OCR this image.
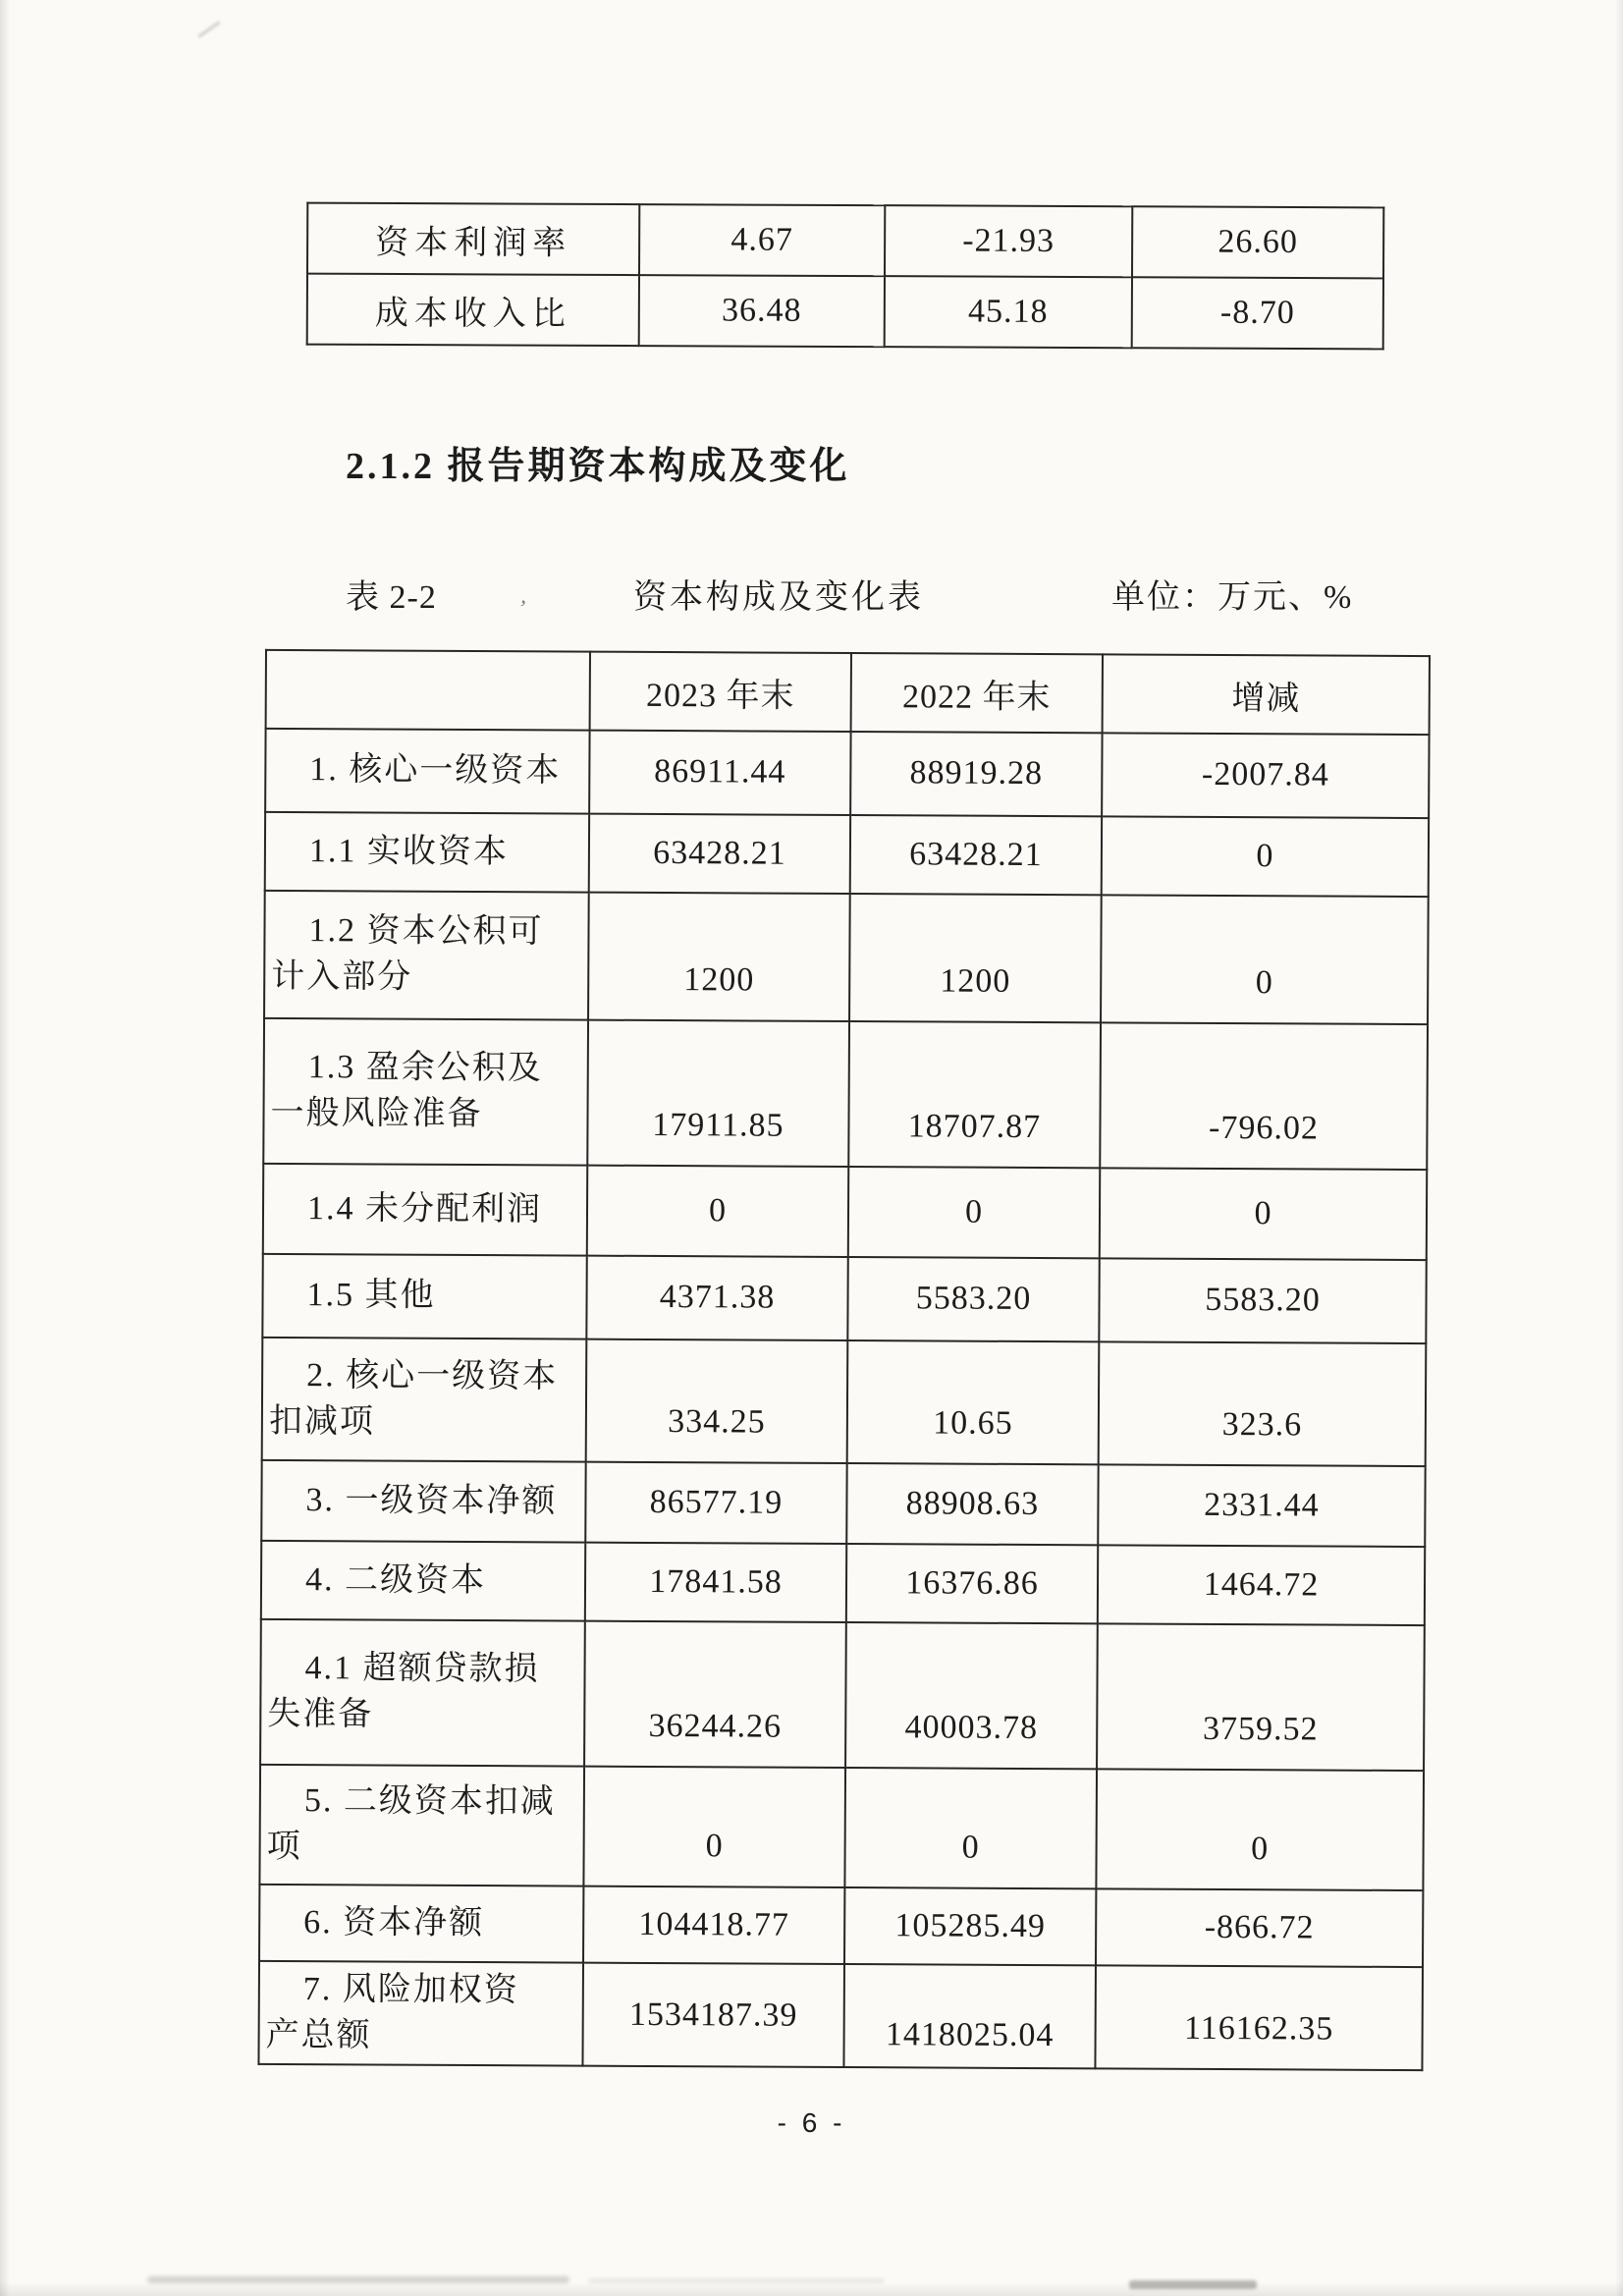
,
资本利润率	4.67	-21.93	26.60
成本收入比	36.48	45.18	-8.70
2.1.2 报告期资本构成及变化
表 2-2	资本构成及变化表	单位：万元、%
	2023 年末	2022 年末	增减
1. 核心一级资本	86911.44	88919.28	-2007.84
1.1 实收资本	63428.21	63428.21	0
1.2 资本公积可
计入部分	1200	1200	0
1.3 盈余公积及
一般风险准备	17911.85	18707.87	-796.02
1.4 未分配利润	0	0	0
1.5 其他	4371.38	5583.20	5583.20
2. 核心一级资本
扣减项	334.25	10.65	323.6
3. 一级资本净额	86577.19	88908.63	2331.44
4. 二级资本	17841.58	16376.86	1464.72
4.1 超额贷款损
失准备	36244.26	40003.78	3759.52
5. 二级资本扣减
项	0	0	0
6. 资本净额	104418.77	105285.49	-866.72
7. 风险加权资
产总额	1534187.39	1418025.04	116162.35
- 6 -
